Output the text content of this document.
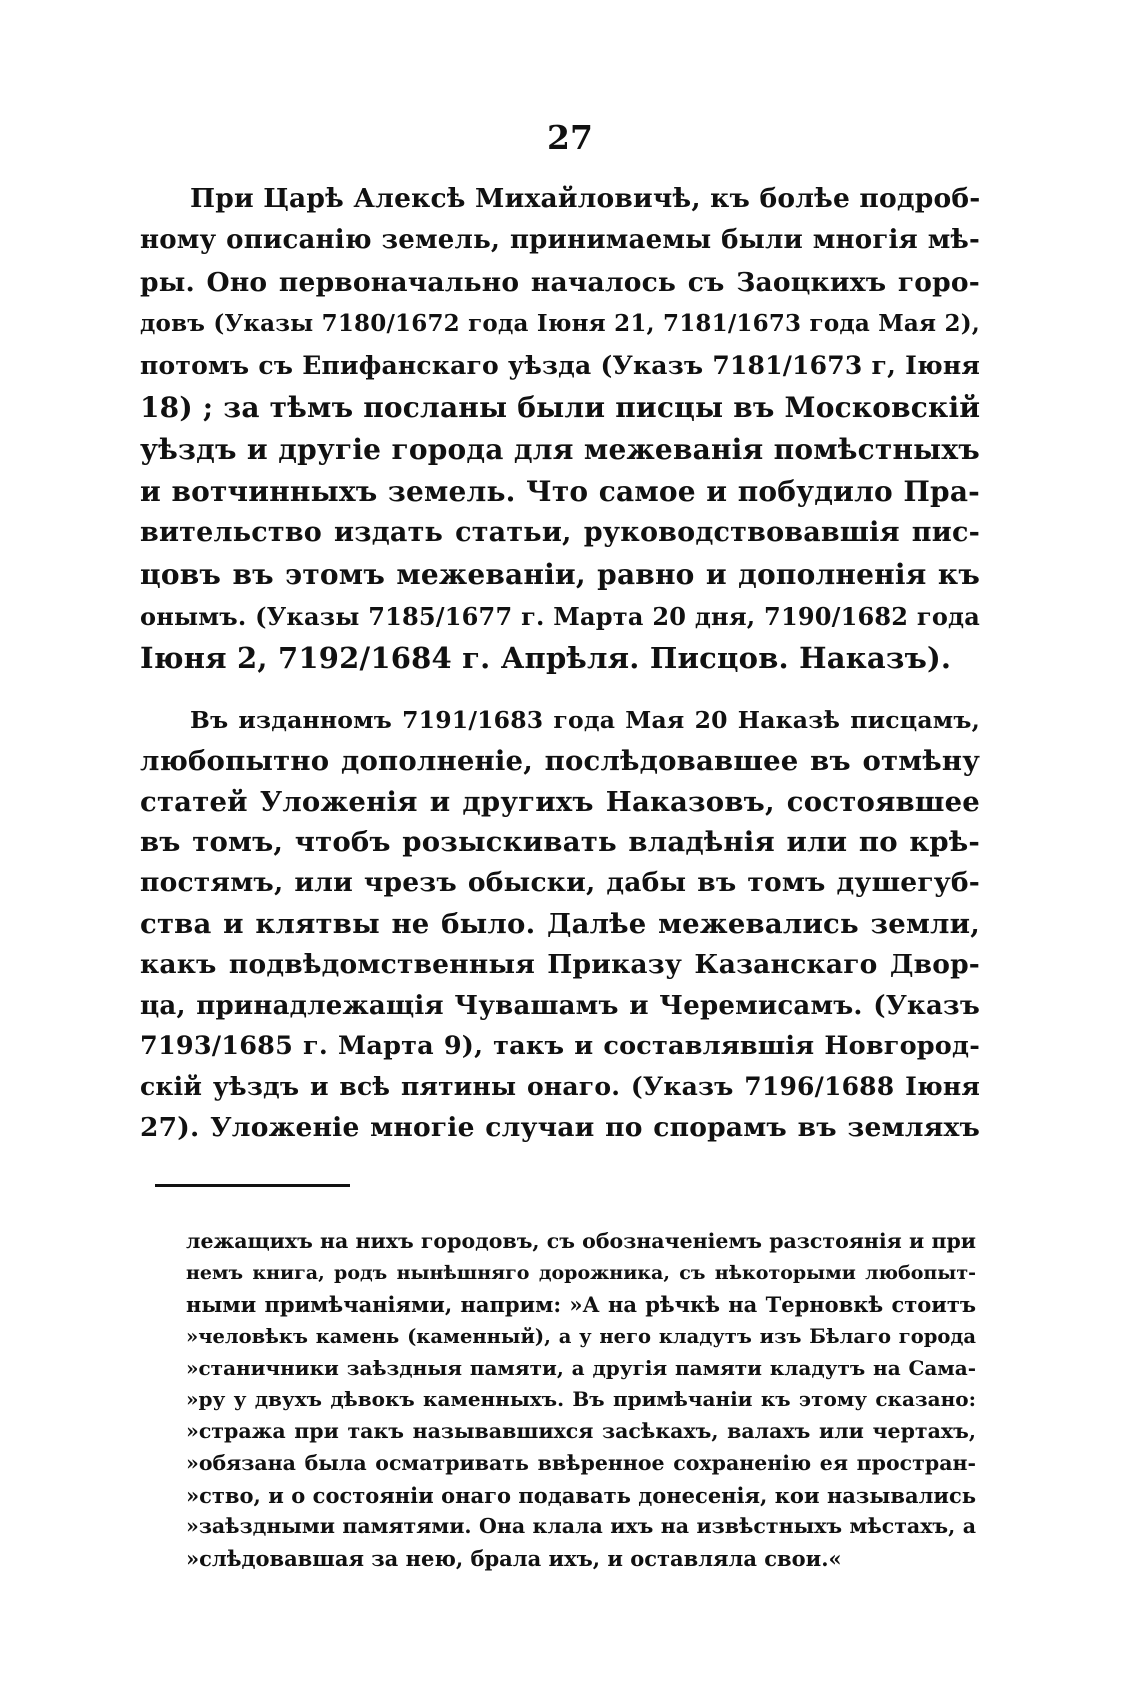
27
При Царѣ Алексѣ Михайловичѣ, къ болѣе подроб-
ному описанію земель, принимаемы были многія мѣ-
ры. Оно первоначально началось съ Заоцкихъ горо-
довъ (Указы 7180/1672 года Іюня 21, 7181/1673 года Мая 2),
потомъ съ Епифанскаго уѣзда (Указъ 7181/1673 г, Іюня
18) ; за тѣмъ посланы были писцы въ Московскій
уѣздъ и другіе города для межеванія помѣстныхъ
и вотчинныхъ земель. Что самое и побудило Пра-
вительство издать статьи, руководствовавшія пис-
цовъ въ этомъ межеваніи, равно и дополненія къ
онымъ. (Указы 7185/1677 г. Марта 20 дня, 7190/1682 года
Іюня 2, 7192/1684 г. Апрѣля. Писцов. Наказъ).
Въ изданномъ 7191/1683 года Мая 20 Наказѣ писцамъ,
любопытно дополненіе, послѣдовавшее въ отмѣну
статей Уложенія и другихъ Наказовъ, состоявшее
въ томъ, чтобъ розыскивать владѣнія или по крѣ-
постямъ, или чрезъ обыски, дабы въ томъ душегуб-
ства и клятвы не было. Далѣе межевались земли,
какъ подвѣдомственныя Приказу Казанскаго Двор-
ца, принадлежащія Чувашамъ и Черемисамъ. (Указъ
7193/1685 г. Марта 9), такъ и составлявшія Новгород-
скій уѣздъ и всѣ пятины онаго. (Указъ 7196/1688 Іюня
27). Уложеніе многіе случаи по спорамъ въ земляхъ
лежащихъ на нихъ городовъ, съ обозначеніемъ разстоянія и при
немъ книга, родъ нынѣшняго дорожника, съ нѣкоторыми любопыт-
ными примѣчаніями, наприм: »А на рѣчкѣ на Терновкѣ стоитъ
»человѣкъ камень (каменный), а у него кладутъ изъ Бѣлаго города
»станичники заѣздныя памяти, а другія памяти кладутъ на Сама-
»ру у двухъ дѣвокъ каменныхъ. Въ примѣчаніи къ этому сказано:
»стража при такъ называвшихся засѣкахъ, валахъ или чертахъ,
»обязана была осматривать ввѣренное сохраненію ея простран-
»ство, и о состояніи онаго подавать донесенія, кои назывались
»заѣздными памятями. Она клала ихъ на извѣстныхъ мѣстахъ, а
»слѣдовавшая за нею, брала ихъ, и оставляла свои.«
